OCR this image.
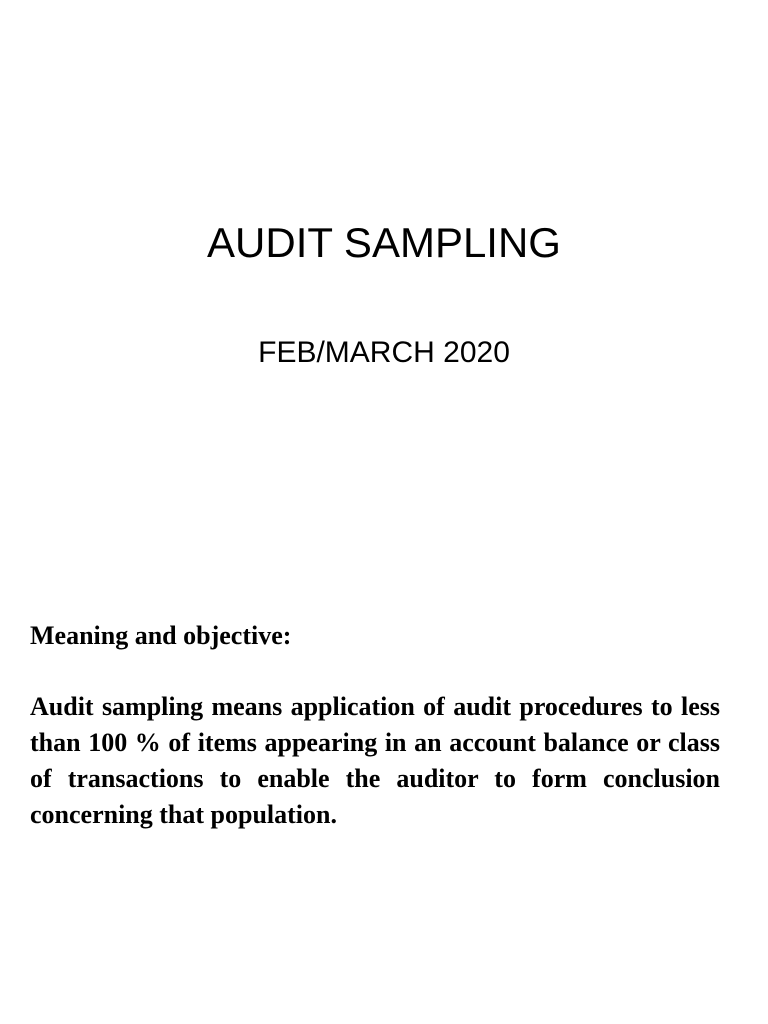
AUDIT SAMPLING
FEB/MARCH 2020
Meaning and objective:

Audit sampling means application of audit procedures to less than 100 % of items appearing in an account balance or class of transactions to enable the auditor to form conclusion concerning that population.
